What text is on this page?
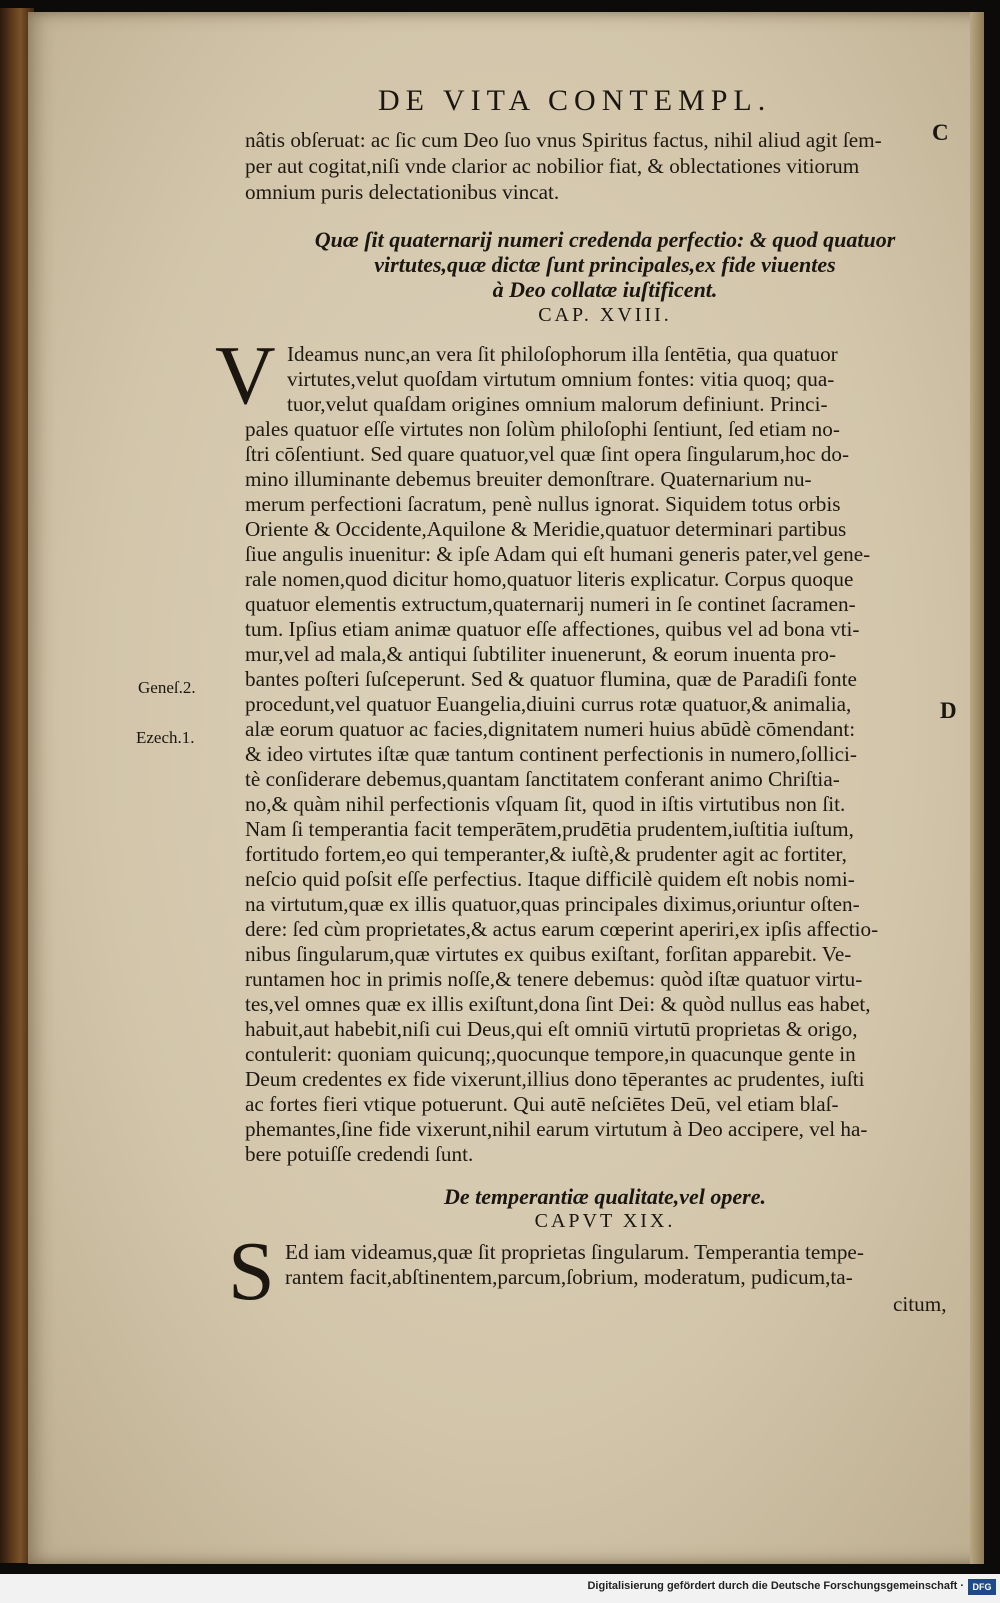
DE VITA CONTEMPL.
C
nâtis obſeruat: ac ſic cum Deo ſuo vnus Spiritus factus, nihil aliud agit ſem-
per aut cogitat,niſi vnde clarior ac nobilior fiat, & oblectationes vitiorum
omnium puris delectationibus vincat.
Quæ ſit quaternarij numeri credenda perfectio: & quod quatuor
virtutes,quæ dictæ ſunt principales,ex fide viuentes
à Deo collatæ iuſtificent.
CAP. XVIII.
V Ideamus nunc,an vera ſit philoſophorum illa ſentētia, qua quatuor
virtutes,velut quoſdam virtutum omnium fontes: vitia quoq; qua-
tuor,velut quaſdam origines omnium malorum definiunt. Princi-
pales quatuor eſſe virtutes non ſolùm philoſophi ſentiunt, ſed etiam no-
ſtri cōſentiunt. Sed quare quatuor,vel quæ ſint opera ſingularum,hoc do-
mino illuminante debemus breuiter demonſtrare. Quaternarium nu-
merum perfectioni ſacratum, penè nullus ignorat. Siquidem totus orbis
Oriente & Occidente,Aquilone & Meridie,quatuor determinari partibus
ſiue angulis inuenitur: & ipſe Adam qui eſt humani generis pater,vel gene-
rale nomen,quod dicitur homo,quatuor literis explicatur. Corpus quoque
quatuor elementis extructum,quaternarij numeri in ſe continet ſacramen-
tum. Ipſius etiam animæ quatuor eſſe affectiones, quibus vel ad bona vti-
mur,vel ad mala,& antiqui ſubtiliter inuenerunt, & eorum inuenta pro-
bantes poſteri ſuſceperunt. Sed & quatuor flumina, quæ de Paradiſi fonte
procedunt,vel quatuor Euangelia,diuini currus rotæ quatuor,& animalia,
alæ eorum quatuor ac facies,dignitatem numeri huius abūdè cōmendant:
& ideo virtutes iſtæ quæ tantum continent perfectionis in numero,ſollici-
tè conſiderare debemus,quantam ſanctitatem conferant animo Chriſtia-
no,& quàm nihil perfectionis vſquam ſit, quod in iſtis virtutibus non ſit.
Nam ſi temperantia facit temperātem,prudētia prudentem,iuſtitia iuſtum,
fortitudo fortem,eo qui temperanter,& iuſtè,& prudenter agit ac fortiter,
neſcio quid poſsit eſſe perfectius. Itaque difficilè quidem eſt nobis nomi-
na virtutum,quæ ex illis quatuor,quas principales diximus,oriuntur oſten-
dere: ſed cùm proprietates,& actus earum cœperint aperiri,ex ipſis affectio-
nibus ſingularum,quæ virtutes ex quibus exiſtant, forſitan apparebit. Ve-
runtamen hoc in primis noſſe,& tenere debemus: quòd iſtæ quatuor virtu-
tes,vel omnes quæ ex illis exiſtunt,dona ſint Dei: & quòd nullus eas habet,
habuit,aut habebit,niſi cui Deus,qui eſt omniū virtutū proprietas & origo,
contulerit: quoniam quicunq;,quocunque tempore,in quacunque gente in
Deum credentes ex fide vixerunt,illius dono tēperantes ac prudentes, iuſti
ac fortes fieri vtique potuerunt. Qui autē neſciētes Deū, vel etiam blaſ-
phemantes,ſine fide vixerunt,nihil earum virtutum à Deo accipere, vel ha-
bere potuiſſe credendi ſunt.
Geneſ.2.
Ezech.1.
D
De temperantiæ qualitate,vel opere.
CAPVT XIX.
S Ed iam videamus,quæ ſit proprietas ſingularum. Temperantia tempe-
rantem facit,abſtinentem,parcum,ſobrium, moderatum, pudicum,ta-
citum,
Digitalisierung gefördert durch die Deutsche Forschungsgemeinschaft · DFG
